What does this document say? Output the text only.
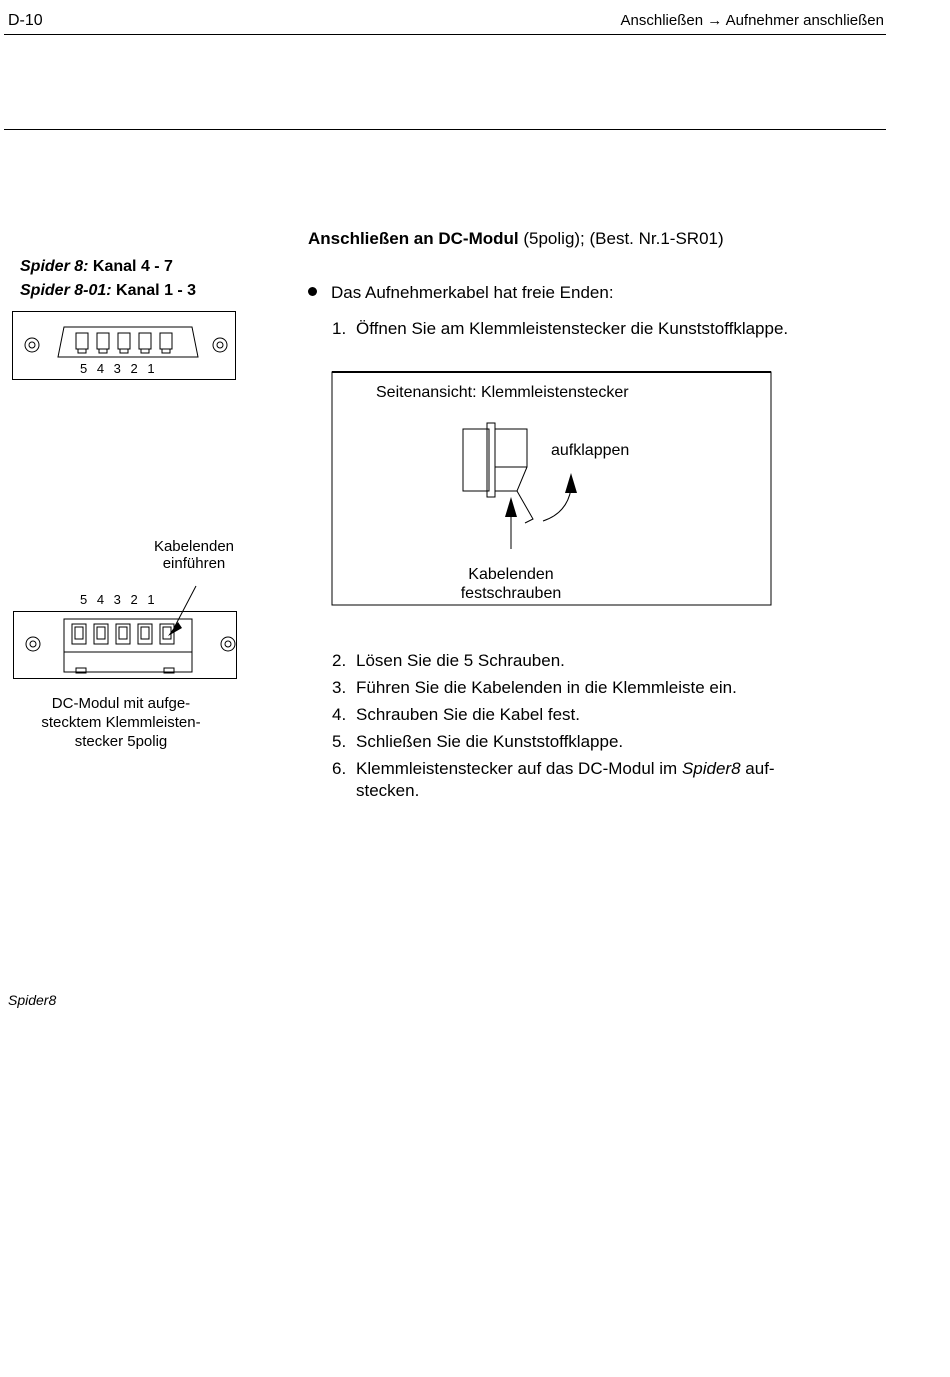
D-10	Anschließen → Aufnehmer anschließen
Spider 8: Kanal 4 - 7
Spider 8-01: Kanal 1 - 3
5 4 3 2 1
Kabelenden
einführen
5 4 3 2 1
DC-Modul mit aufge-
stecktem Klemmleisten-
stecker 5polig
Anschließen an DC-Modul (5polig); (Best. Nr.1-SR01)
Das Aufnehmerkabel hat freie Enden:
1. Öffnen Sie am Klemmleistenstecker die Kunststoffklappe.
Seitenansicht: Klemmleistenstecker
aufklappen
Kabelenden
festschrauben
2. Lösen Sie die 5 Schrauben.
3. Führen Sie die Kabelenden in die Klemmleiste ein.
4. Schrauben Sie die Kabel fest.
5. Schließen Sie die Kunststoffklappe.
6. Klemmleistenstecker auf das DC-Modul im Spider8 auf-
stecken.
Spider8
